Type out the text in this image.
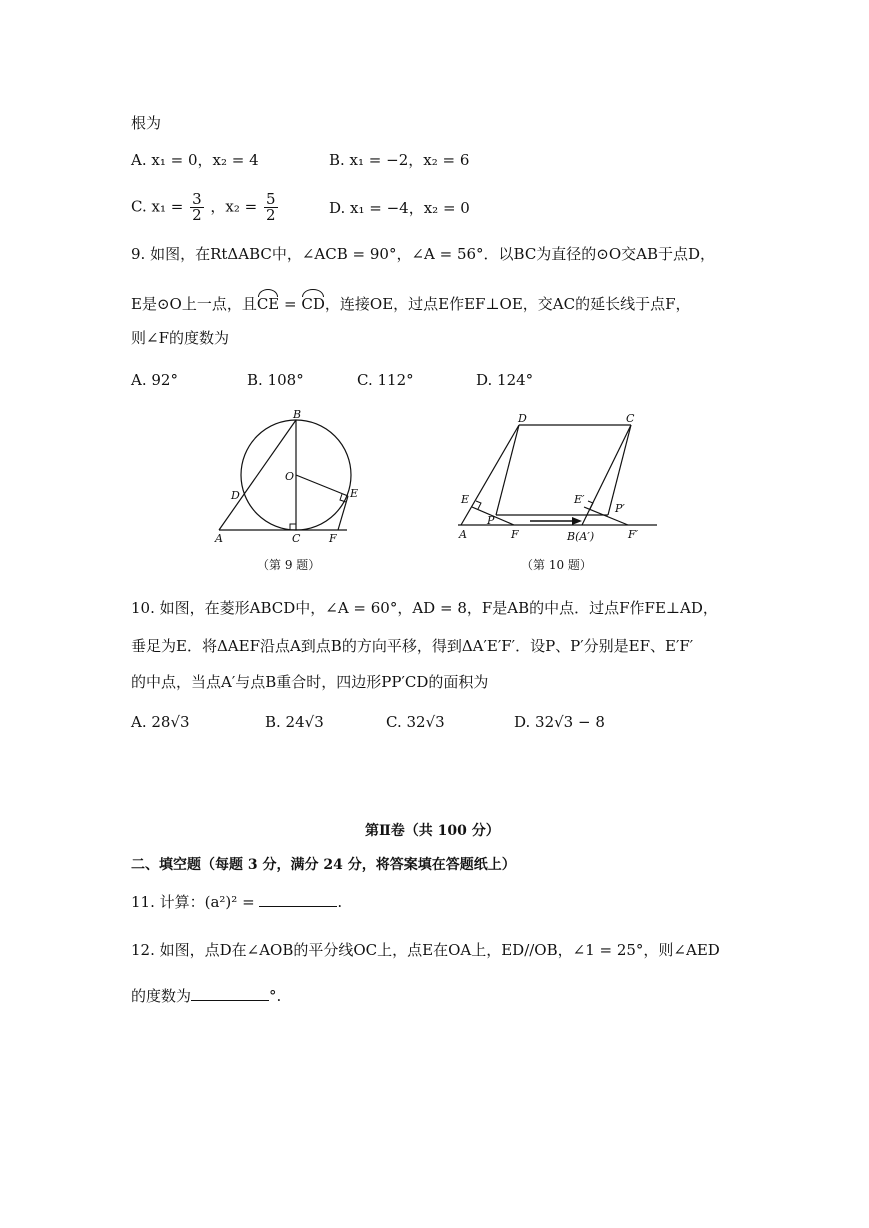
根为
A. x₁ = 0，x₂ = 4	B. x₁ = −2，x₂ = 6
C. $x_1 = \frac{3}{2}$ ，$x_2 = \frac{5}{2}$	D. x₁ = −4，x₂ = 0
9. 如图，在RtΔABC中，∠ACB = 90°，∠A = 56°．以BC为直径的⊙O交AB于点D，
E是⊙O上一点，且CE = CD，连接OE，过点E作EF⊥OE，交AC的延长线于点F，
则∠F的度数为
A. 92°	B. 108°	C. 112°	D. 124°
B
O
D	E
A	C	F
（第 9 题）
D	C
E	E′
P
P′
A	F	B(A′)	F′
（第 10 题）
10. 如图，在菱形ABCD中，∠A = 60°，AD = 8，F是AB的中点．过点F作FE⊥AD，
垂足为E．将ΔAEF沿点A到点B的方向平移，得到ΔA′E′F′．设P、P′分别是EF、E′F′
的中点，当点A′与点B重合时，四边形PP′CD的面积为
A. 28√3	B. 24√3	C. 32√3	D. 32√3 − 8
第Ⅱ卷（共 100 分）
二、填空题（每题 3 分，满分 24 分，将答案填在答题纸上）
11. 计算：(a²)² =	.
12. 如图，点D在∠AOB的平分线OC上，点E在OA上，ED//OB，∠1 = 25°，则∠AED
的度数为	°.
